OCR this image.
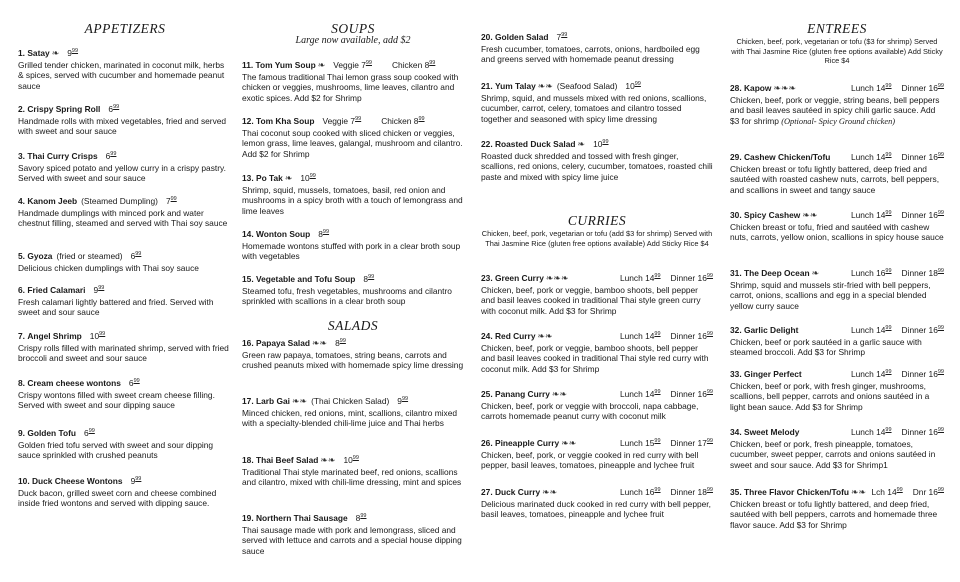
APPETIZERS
1. Satay ❧ $9^{99}$
Grilled tender chicken, marinated in coconut milk, herbs & spices, served with cucumber and homemade peanut sauce
2. Crispy Spring Roll $6^{99}$
Handmade rolls with mixed vegetables, fried and served with sweet and sour sauce
3. Thai Curry Crisps $6^{99}$
Savory spiced potato and yellow curry in a crispy pastry. Served with sweet and sour sauce
4. Kanom Jeeb (Steamed Dumpling) $7^{99}$
Handmade dumplings with minced pork and water chestnut filling, steamed and served with Thai soy sauce
5. Gyoza (fried or steamed) $6^{99}$
Delicious chicken dumplings with Thai soy sauce
6. Fried Calamari $9^{99}$
Fresh calamari lightly battered and fried. Served with sweet and sour sauce
7. Angel Shrimp $10^{99}$
Crispy rolls filled with marinated shrimp, served with fried broccoli and sweet and sour sauce
8. Cream cheese wontons $6^{99}$
Crispy wontons filled with sweet cream cheese filling. Served with sweet and sour dipping sauce
9. Golden Tofu $6^{99}$
Golden fried tofu served with sweet and sour dipping sauce sprinkled with crushed peanuts
10. Duck Cheese Wontons $9^{99}$
Duck bacon, grilled sweet corn and cheese combined inside fried wontons and served with dipping sauce.
SOUPS
Large now available, add $2
11. Tom Yum Soup ❧ Veggie $7^{99}$ Chicken $8^{99}$
The famous traditional Thai lemon grass soup cooked with chicken or veggies, mushrooms, lime leaves, cilantro and exotic spices. Add $2 for Shrimp
12. Tom Kha Soup Veggie $7^{99}$ Chicken $8^{99}$
Thai coconut soup cooked with sliced chicken or veggies, lemon grass, lime leaves, galangal, mushroom and cilantro. Add $2 for Shrimp
13. Po Tak ❧ $10^{99}$
Shrimp, squid, mussels, tomatoes, basil, red onion and mushrooms in a spicy broth with a touch of lemongrass and lime leaves
14. Wonton Soup $8^{99}$
Homemade wontons stuffed with pork in a clear broth soup with vegetables
15. Vegetable and Tofu Soup $8^{99}$
Steamed tofu, fresh vegetables, mushrooms and cilantro sprinkled with scallions in a clear broth soup
SALADS
16. Papaya Salad ❧❧ $8^{99}$
Green raw papaya, tomatoes, string beans, carrots and crushed peanuts mixed with homemade spicy lime dressing
17. Larb Gai ❧❧ (Thai Chicken Salad) $9^{99}$
Minced chicken, red onions, mint, scallions, cilantro mixed with a specialty-blended chili-lime juice and Thai herbs
18. Thai Beef Salad ❧❧ $10^{99}$
Traditional Thai style marinated beef, red onions, scallions and cilantro, mixed with chili-lime dressing, mint and spices
19. Northern Thai Sausage $8^{99}$
Thai sausage made with pork and lemongrass, sliced and served with lettuce and carrots and a special house dipping sauce
20. Golden Salad $7^{99}$
Fresh cucumber, tomatoes, carrots, onions, hardboiled egg and greens served with homemade peanut dressing
21. Yum Talay ❧❧ (Seafood Salad) $10^{99}$
Shrimp, squid, and mussels mixed with red onions, scallions, cucumber, carrot, celery, tomatoes and cilantro tossed together and seasoned with spicy lime dressing
22. Roasted Duck Salad ❧ $10^{99}$
Roasted duck shredded and tossed with fresh ginger, scallions, red onions, celery, cucumber, tomatoes, roasted chili paste and mixed with spicy lime juice
CURRIES
Chicken, beef, pork, vegetarian or tofu (add $3 for shrimp) Served with Thai Jasmine Rice (gluten free options available) Add Sticky Rice $4
23. Green Curry ❧❧❧	Lunch $14^{99}$ Dinner $16^{99}$
Chicken, beef, pork or veggie, bamboo shoots, bell pepper and basil leaves cooked in traditional Thai style green curry with coconut milk. Add $3 for Shrimp
24. Red Curry ❧❧	Lunch $14^{99}$ Dinner $16^{99}$
Chicken, beef, pork or veggie, bamboo shoots, bell pepper and basil leaves cooked in traditional Thai style red curry with coconut milk. Add $3 for Shrimp
25. Panang Curry ❧❧	Lunch $14^{99}$ Dinner $16^{99}$
Chicken, beef, pork or veggie with broccoli, napa cabbage, carrots homemade peanut curry with coconut milk
26. Pineapple Curry ❧❧	Lunch $15^{99}$ Dinner $17^{99}$
Chicken, beef, pork, or veggie cooked in red curry with bell pepper, basil leaves, tomatoes, pineapple and lychee fruit
27. Duck Curry ❧❧	Lunch $16^{99}$ Dinner $18^{99}$
Delicious marinated duck cooked in red curry with bell pepper, basil leaves, tomatoes, pineapple and lychee fruit
ENTREES
Chicken, beef, pork, vegetarian or tofu ($3 for shrimp) Served with Thai Jasmine Rice (gluten free options available) Add Sticky Rice $4
28. Kapow ❧❧❧	Lunch $14^{99}$ Dinner $16^{99}$
Chicken, beef, pork or veggie, string beans, bell peppers and basil leaves sautéed in spicy chili garlic sauce. Add $3 for shrimp (Optional- Spicy Ground chicken)
29. Cashew Chicken/Tofu Lunch $14^{99}$ Dinner $16^{99}$
Chicken breast or tofu lightly battered, deep fried and sautéed with roasted cashew nuts, carrots, bell peppers, and scallions in sweet and tangy sauce
30. Spicy Cashew ❧❧	Lunch $14^{99}$ Dinner $16^{99}$
Chicken breast or tofu, fried and sautéed with cashew nuts, carrots, yellow onion, scallions in spicy house sauce
31. The Deep Ocean ❧	Lunch $16^{99}$ Dinner $18^{99}$
Shrimp, squid and mussels stir-fried with bell peppers, carrot, onions, scallions and egg in a special blended yellow curry sauce
32. Garlic Delight	Lunch $14^{99}$ Dinner $16^{99}$
Chicken, beef or pork sautéed in a garlic sauce with steamed broccoli. Add $3 for Shrimp
33. Ginger Perfect	Lunch $14^{99}$ Dinner $16^{99}$
Chicken, beef or pork, with fresh ginger, mushrooms, scallions, bell pepper, carrots and onions sautéed in a light bean sauce. Add $3 for Shrimp
34. Sweet Melody	Lunch $14^{99}$ Dinner $16^{99}$
Chicken, beef or pork, fresh pineapple, tomatoes, cucumber, sweet pepper, carrots and onions sautéed in sweet and sour sauce. Add $3 for Shrimp1
35. Three Flavor Chicken/Tofu ❧❧ Lch $14^{99}$ Dnr $16^{99}$
Chicken breast or tofu lightly battered, and deep fried, sautéed with bell peppers, carrots and homemade three flavor sauce. Add $3 for Shrimp
